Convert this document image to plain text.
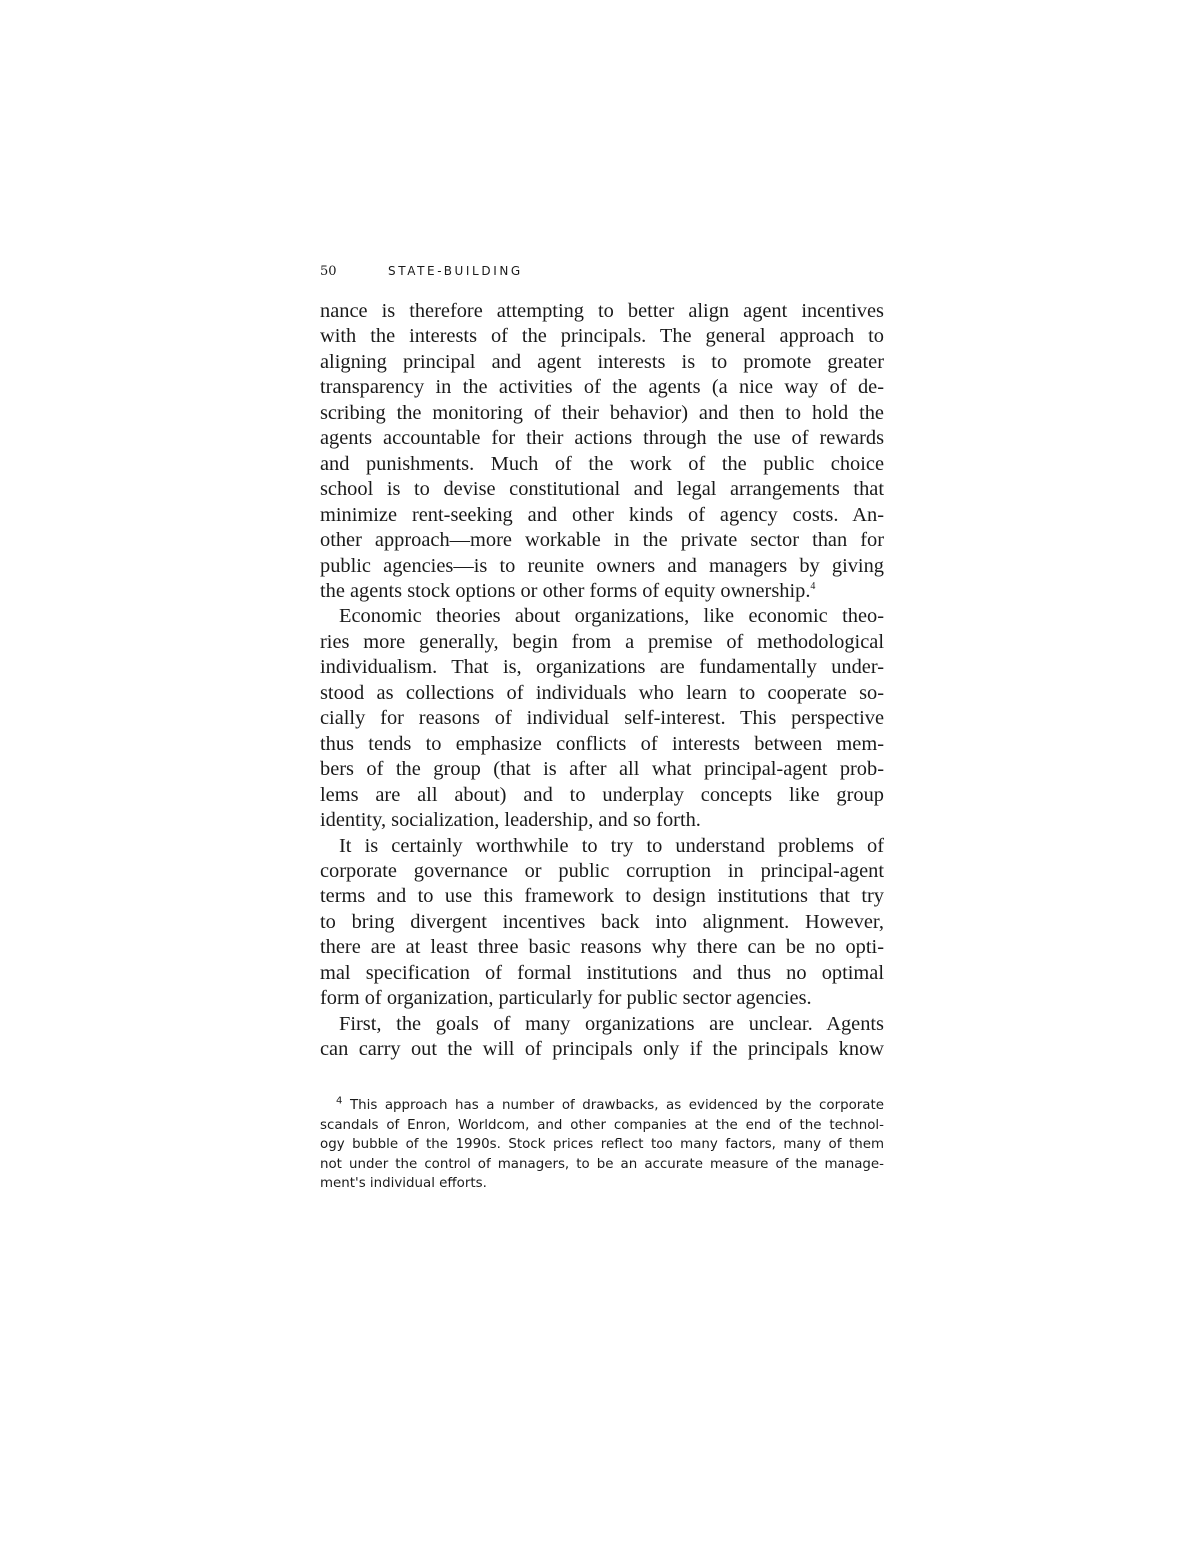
50	STATE-BUILDING
nance is therefore attempting to better align agent incentives
with the interests of the principals. The general approach to
aligning principal and agent interests is to promote greater
transparency in the activities of the agents (a nice way of de-
scribing the monitoring of their behavior) and then to hold the
agents accountable for their actions through the use of rewards
and punishments. Much of the work of the public choice
school is to devise constitutional and legal arrangements that
minimize rent-seeking and other kinds of agency costs. An-
other approach—more workable in the private sector than for
public agencies—is to reunite owners and managers by giving
the agents stock options or other forms of equity ownership.$^4$
Economic theories about organizations, like economic theo-
ries more generally, begin from a premise of methodological
individualism. That is, organizations are fundamentally under-
stood as collections of individuals who learn to cooperate so-
cially for reasons of individual self-interest. This perspective
thus tends to emphasize conflicts of interests between mem-
bers of the group (that is after all what principal-agent prob-
lems are all about) and to underplay concepts like group
identity, socialization, leadership, and so forth.
It is certainly worthwhile to try to understand problems of
corporate governance or public corruption in principal-agent
terms and to use this framework to design institutions that try
to bring divergent incentives back into alignment. However,
there are at least three basic reasons why there can be no opti-
mal specification of formal institutions and thus no optimal
form of organization, particularly for public sector agencies.
First, the goals of many organizations are unclear. Agents
can carry out the will of principals only if the principals know
$^4$ This approach has a number of drawbacks, as evidenced by the corporate
scandals of Enron, Worldcom, and other companies at the end of the technol-
ogy bubble of the 1990s. Stock prices reflect too many factors, many of them
not under the control of managers, to be an accurate measure of the manage-
ment's individual efforts.
